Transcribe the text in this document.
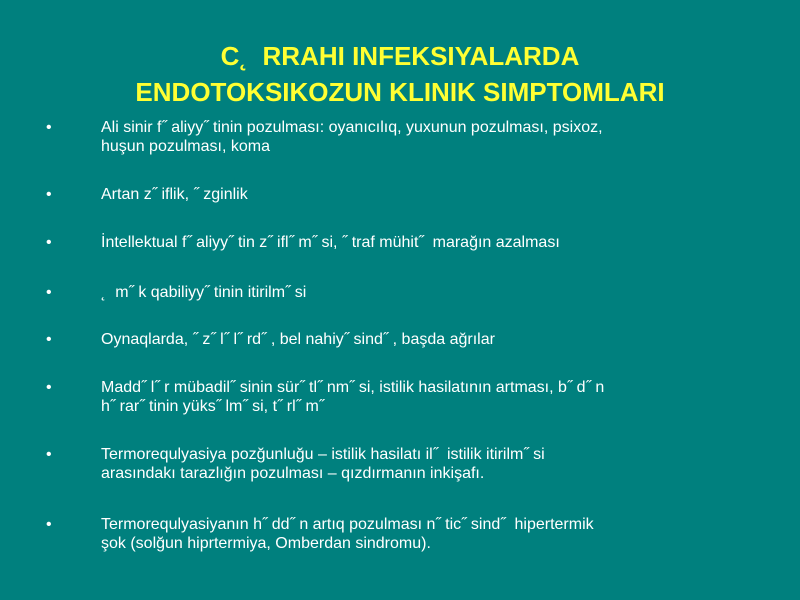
C˛  RRAHI INFEKSIYALARDA
ENDOTOKSIKOZUN KLINIK SIMPTOMLARI
•	Ali sinir f˝ aliyy˝ tinin pozulması: oyanıcılıq, yuxunun pozulması, psixoz,
huşun pozulması, koma
•	Artan z˝ iflik, ˝ zginlik
•	İntellektual f˝ aliyy˝ tin z˝ ifl˝ m˝ si, ˝ traf mühit˝  marağın azalması
•	˛  m˝ k qabiliyy˝ tinin itirilm˝ si
•	Oynaqlarda, ˝ z˝ l˝ l˝ rd˝ , bel nahiy˝ sind˝ , başda ağrılar
•	Madd˝ l˝ r mübadil˝ sinin sür˝ tl˝ nm˝ si, istilik hasilatının artması, b˝ d˝ n
h˝ rar˝ tinin yüks˝ lm˝ si, t˝ rl˝ m˝
•	Termorequlyasiya pozğunluğu – istilik hasilatı il˝  istilik itirilm˝ si
arasındakı tarazlığın pozulması – qızdırmanın inkişafı.
•	Termorequlyasiyanın h˝ dd˝ n artıq pozulması n˝ tic˝ sind˝  hipertermik
şok (solğun hiprtermiya, Omberdan sindromu).
